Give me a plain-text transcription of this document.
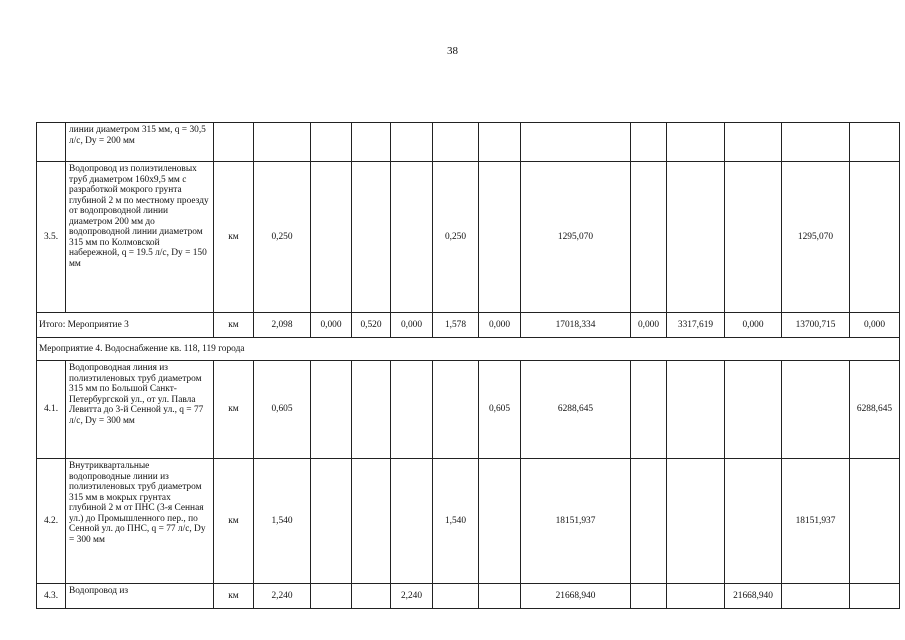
38
	линии диаметром 315 мм, q = 30,5 л/с, Dy = 200 мм													
3.5.	Водопровод из полиэтиленовых труб диаметром 160х9,5 мм с разработкой мокрого грунта глубиной 2 м по местному проезду от водопроводной линии диаметром 200 мм до водопроводной линии диаметром 315 мм по Колмовской набережной, q = 19.5 л/с, Dy = 150 мм	км	0,250				0,250		1295,070				1295,070	
Итого: Мероприятие 3		км	2,098	0,000	0,520	0,000	1,578	0,000	17018,334	0,000	3317,619	0,000	13700,715	0,000
Мероприятие 4. Водоснабжение кв. 118, 119 города														
4.1.	Водопроводная линия из полиэтиленовых труб диаметром 315 мм по Большой Санкт-Петербургской ул., от ул. Павла Левитта до 3-й Сенной ул., q = 77 л/с, Dy = 300 мм	км	0,605					0,605	6288,645					6288,645
4.2.	Внутриквартальные водопроводные линии из полиэтиленовых труб диаметром 315 мм в мокрых грунтах глубиной 2 м от ПНС (3-я Сенная ул.) до Промышленного пер., по Сенной ул. до ПНС, q = 77 л/с, Dy = 300 мм	км	1,540				1,540		18151,937				18151,937	
4.3.	Водопровод из	км	2,240			2,240			21668,940			21668,940		
